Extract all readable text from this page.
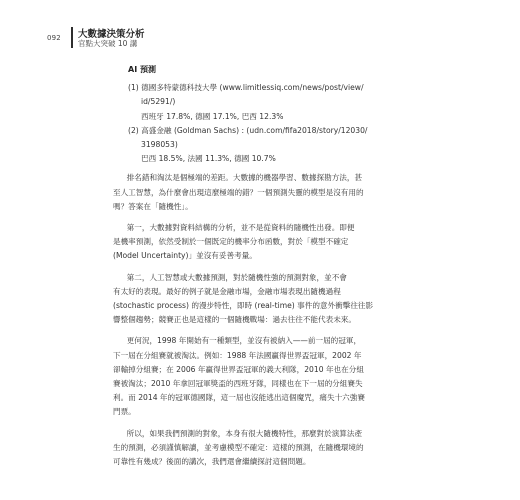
092 大數據決策分析
官點大突破 10 講
AI 預測
(1) 德國多特蒙德科技大學 (www.limitlessiq.com/news/post/view/
id/5291/)
西班牙 17.8%, 德國 17.1%, 巴西 12.3%
(2) 高盛金融 (Goldman Sachs) : (udn.com/fifa2018/story/12030/
3198053)
巴西 18.5%, 法國 11.3%, 德國 10.7%

排名錯和淘汰是個極端的差距。大數據的機器學習、數據探勘方法，甚
至人工智慧，為什麼會出現這麼極端的錯？一個預測失靈的模型是沒有用的
嗎？答案在「隨機性」。

第一，大數據對資料結構的分析，並不是從資料的隨機性出發。即便
是機率預測，依然受制於一個既定的機率分布函數，對於「模型不確定
(Model Uncertainty)」並沒有妥善考量。

第二，人工智慧或大數據預測，對於隨機性強的預測對象，並不會
有太好的表現。最好的例子就是金融市場，金融市場表現出隨機過程
(stochastic process) 的漫步特性，即時 (real-time) 事件的意外衝擊往往影
響整個趨勢；競賽正也是這樣的一個隨機戰場：過去往往不能代表未來。

更何況，1998 年開始有一種類型，並沒有被納入——前一屆的冠軍，
下一屆在分組賽就被淘汰。例如：1988 年法國贏得世界盃冠軍，2002 年
卻輸掉分組賽；在 2006 年贏得世界盃冠軍的義大利隊，2010 年也在分組
賽被淘汰；2010 年拿回冠軍獎盃的西班牙隊，同樣也在下一屆的分組賽失
利。而 2014 年的冠軍德國隊，這一屆也沒能逃出這個魔咒，痛失十六強賽
門票。

所以，如果我們預測的對象，本身有很大隨機特性，那麼對於演算法產
生的預測，必須謹慎解讀，並考慮模型不確定：這樣的預測，在隨機環境的
可靠性有幾成？後面的講次，我們還會繼續探討這個問題。
